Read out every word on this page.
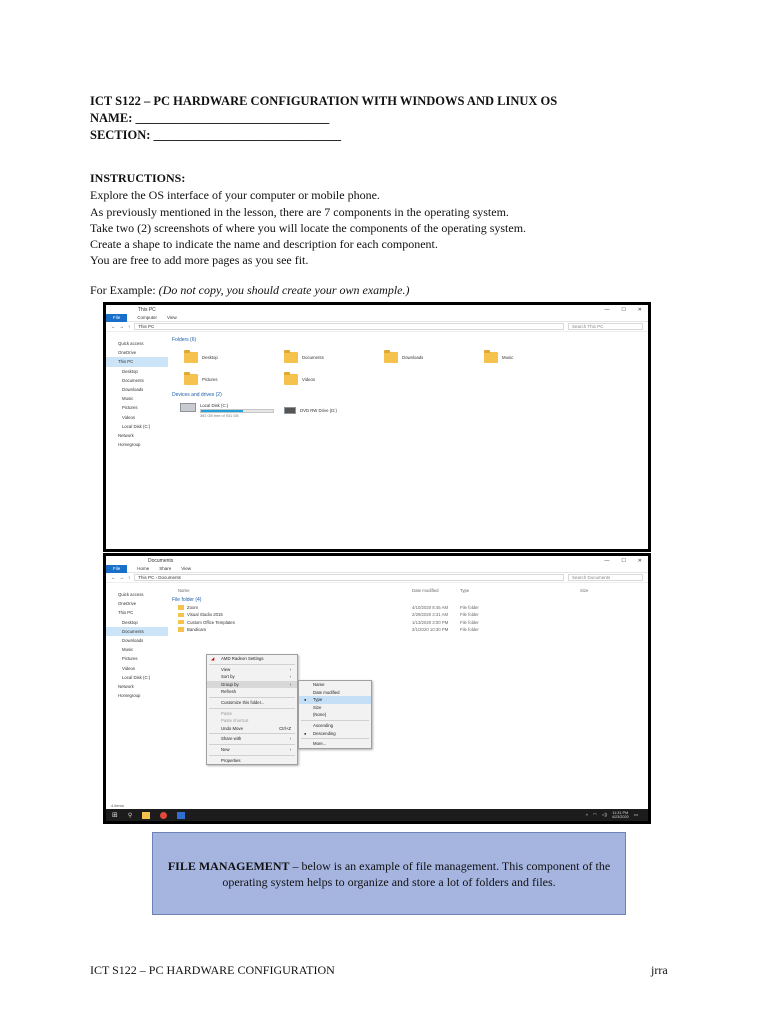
ICT S122 – PC HARDWARE CONFIGURATION WITH WINDOWS AND LINUX OS
NAME: _______________________________
SECTION: ______________________________
INSTRUCTIONS:
Explore the OS interface of your computer or mobile phone.
As previously mentioned in the lesson, there are 7 components in the operating system.
Take two (2) screenshots of where you will locate the components of the operating system.
Create a shape to indicate the name and description for each component.
You are free to add more pages as you see fit.
For Example: (Do not copy, you should create your own example.)
This PC	— ☐ ✕
File	Computer View
← → ↑	This PC	Search This PC
Quick access
OneDrive
This PC
Desktop
Documents
Downloads
Music
Pictures
Videos
Local Disk (C:)
Network
Homegroup
Folders (6)
Desktop	Documents	Downloads	Music
Pictures	Videos
Devices and drives (2)
Local Disk (C:)
392 GB free of 931 GB
DVD RW Drive (D:)
Documents	— ☐ ✕
File	Home Share View
← → ↑	This PC › Documents	Search Documents
Quick access
OneDrive
This PC
Desktop
Documents
Downloads
Music
Pictures
Videos
Local Disk (C:)
Network
Homegroup
Name	Date modified	Type	Size
File folder (4)
Zoom	4/10/2020 8:45 AM	File folder
Visual Studio 2015	2/29/2020 3:31 AM	File folder
Custom Office Templates	1/13/2020 3:00 PM	File folder
Bandicam	2/1/2020 10:30 PM	File folder
◢ AMD Radeon Settings
View	›
Sort by	›
Group by	›
Refresh
Customize this folder...
Paste
Paste shortcut
Undo Move	Ctrl+Z
Share with	›
New	›
Properties
Name
Date modified
● Type
Size
(None)
Ascending
● Descending
More...
4 items
⊞ ⚲	^ ◠ ◁) 11:31 PM
4/23/2020 ▭
FILE MANAGEMENT – below is an example of file management. This component of the operating system helps to organize and store a lot of folders and files.
ICT S122 – PC HARDWARE CONFIGURATION	jrra
